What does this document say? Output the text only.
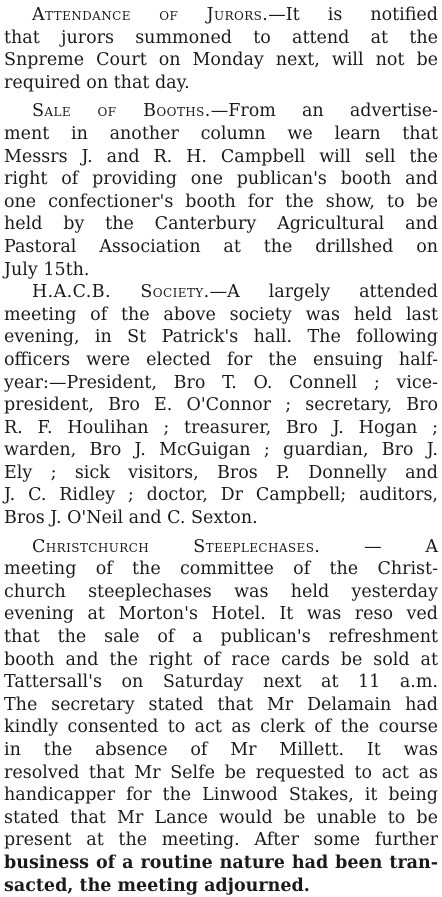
Attendance of Jurors.—It is notified
that jurors summoned to attend at the
Snpreme Court on Monday next, will not be
required on that day.
Sale of Booths.—From an advertise-
ment in another column we learn that
Messrs J. and R. H. Campbell will sell the
right of providing one publican's booth and
one confectioner's booth for the show, to be
held by the Canterbury Agricultural and
Pastoral Association at the drillshed on
July 15th.
H.A.C.B. Society.—A largely attended
meeting of the above society was held last
evening, in St Patrick's hall. The following
officers were elected for the ensuing half-
year:—President, Bro T. O. Connell ; vice-
president, Bro E. O'Connor ; secretary, Bro
R. F. Houlihan ; treasurer, Bro J. Hogan ;
warden, Bro J. McGuigan ; guardian, Bro J.
Ely ; sick visitors, Bros P. Donnelly and
J. C. Ridley ; doctor, Dr Campbell; auditors,
Bros J. O'Neil and C. Sexton.
Christchurch Steeplechases. — A
meeting of the committee of the Christ-
church steeplechases was held yesterday
evening at Morton's Hotel. It was reso ved
that the sale of a publican's refreshment
booth and the right of race cards be sold at
Tattersall's on Saturday next at 11 a.m.
The secretary stated that Mr Delamain had
kindly consented to act as clerk of the course
in the absence of Mr Millett. It was
resolved that Mr Selfe be requested to act as
handicapper for the Linwood Stakes, it being
stated that Mr Lance would be unable to be
present at the meeting. After some further
business of a routine nature had been tran-
sacted, the meeting adjourned.
